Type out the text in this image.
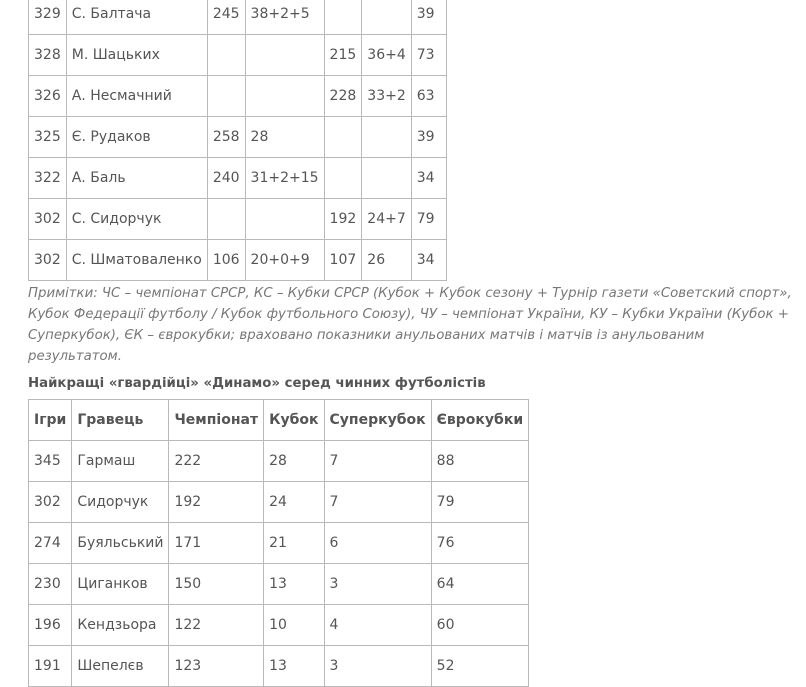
329	С. Балтача	245	38+2+5			39
328	М. Шацьких			215	36+4	73
326	А. Несмачний			228	33+2	63
325	Є. Рудаков	258	28			39
322	А. Баль	240	31+2+15			34
302	С. Сидорчук			192	24+7	79
302	С. Шматоваленко	106	20+0+9	107	26	34

Примітки: ЧС – чемпіонат СРСР, КС – Кубки СРСР (Кубок + Кубок сезону + Турнір газети «Советский спорт», Кубок Федерації футболу / Кубок футбольного Союзу), ЧУ – чемпіонат України, КУ – Кубки України (Кубок + Суперкубок), ЄК – єврокубки; враховано показники анульованих матчів і матчів із анульованим результатом.

Найкращі «гвардійці» «Динамо» серед чинних футболістів

Ігри	Гравець	Чемпіонат	Кубок	Суперкубок	Єврокубки
345	Гармаш	222	28	7	88
302	Сидорчук	192	24	7	79
274	Буяльський	171	21	6	76
230	Циганков	150	13	3	64
196	Кендзьора	122	10	4	60
191	Шепелєв	123	13	3	52
